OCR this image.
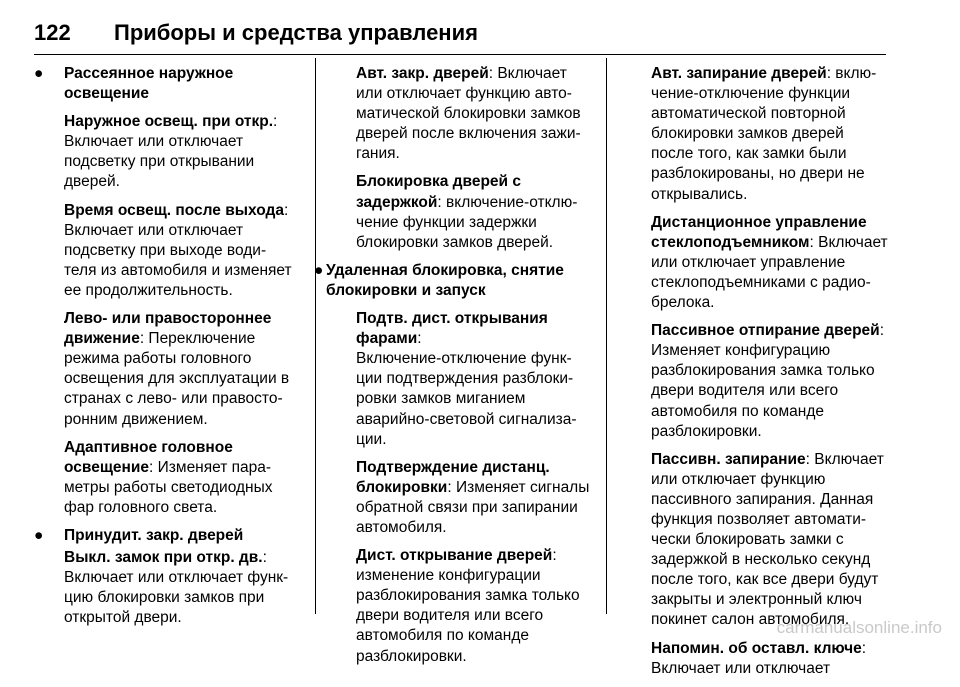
122 Приборы и средства управления
● Рассеянное наружное
освещение
Наружное освещ. при откр.:
Включает или отключает
подсветку при открывании
дверей.
Время освещ. после выхода:
Включает или отключает
подсветку при выходе води-
теля из автомобиля и изменяет
ее продолжительность.
Лево- или правостороннее
движение: Переключение
режима работы головного
освещения для эксплуатации в
странах с лево- или правосто-
ронним движением.
Адаптивное головное
освещение: Изменяет пара-
метры работы светодиодных
фар головного света.
● Принудит. закр. дверей
Выкл. замок при откр. дв.:
Включает или отключает функ-
цию блокировки замков при
открытой двери.
Авт. закр. дверей: Включает
или отключает функцию авто-
матической блокировки замков
дверей после включения зажи-
гания.
Блокировка дверей с
задержкой: включение-отклю-
чение функции задержки
блокировки замков дверей.
● Удаленная блокировка, снятие
блокировки и запуск
Подтв. дист. открывания
фарами:
Включение-отключение функ-
ции подтверждения разблоки-
ровки замков миганием
аварийно-световой сигнализа-
ции.
Подтверждение дистанц.
блокировки: Изменяет сигналы
обратной связи при запирании
автомобиля.
Дист. открывание дверей:
изменение конфигурации
разблокирования замка только
двери водителя или всего
автомобиля по команде
разблокировки.
Авт. запирание дверей: вклю-
чение-отключение функции
автоматической повторной
блокировки замков дверей
после того, как замки были
разблокированы, но двери не
открывались.
Дистанционное управление
стеклоподъемником: Включает
или отключает управление
стеклоподъемниками с радио-
брелока.
Пассивное отпирание дверей:
Изменяет конфигурацию
разблокирования замка только
двери водителя или всего
автомобиля по команде
разблокировки.
Пассивн. запирание: Включает
или отключает функцию
пассивного запирания. Данная
функция позволяет автомати-
чески блокировать замки с
задержкой в несколько секунд
после того, как все двери будут
закрыты и электронный ключ
покинет салон автомобиля.
Напомин. об оставл. ключе:
Включает или отключает
carmanualsonline.info
